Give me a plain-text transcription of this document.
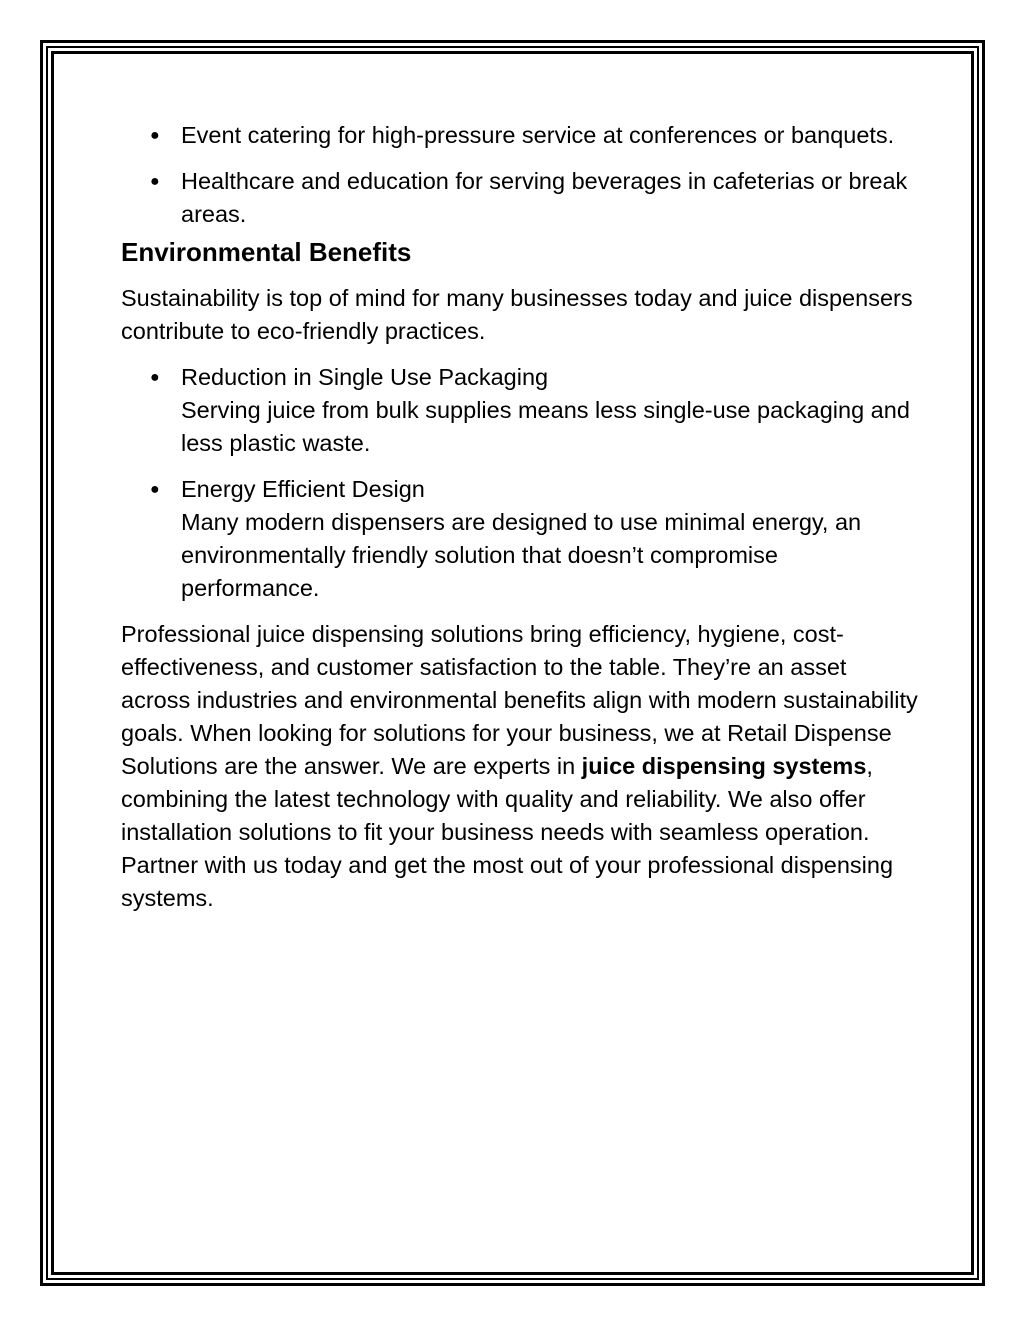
● Event catering for high-pressure service at conferences or banquets.
● Healthcare and education for serving beverages in cafeterias or break areas.
Environmental Benefits

Sustainability is top of mind for many businesses today and juice dispensers contribute to eco-friendly practices.

● Reduction in Single Use Packaging
Serving juice from bulk supplies means less single-use packaging and less plastic waste.
● Energy Efficient Design
Many modern dispensers are designed to use minimal energy, an environmentally friendly solution that doesn’t compromise performance.

Professional juice dispensing solutions bring efficiency, hygiene, cost-effectiveness, and customer satisfaction to the table. They’re an asset across industries and environmental benefits align with modern sustainability goals. When looking for solutions for your business, we at Retail Dispense Solutions are the answer. We are experts in juice dispensing systems, combining the latest technology with quality and reliability. We also offer installation solutions to fit your business needs with seamless operation. Partner with us today and get the most out of your professional dispensing systems.
